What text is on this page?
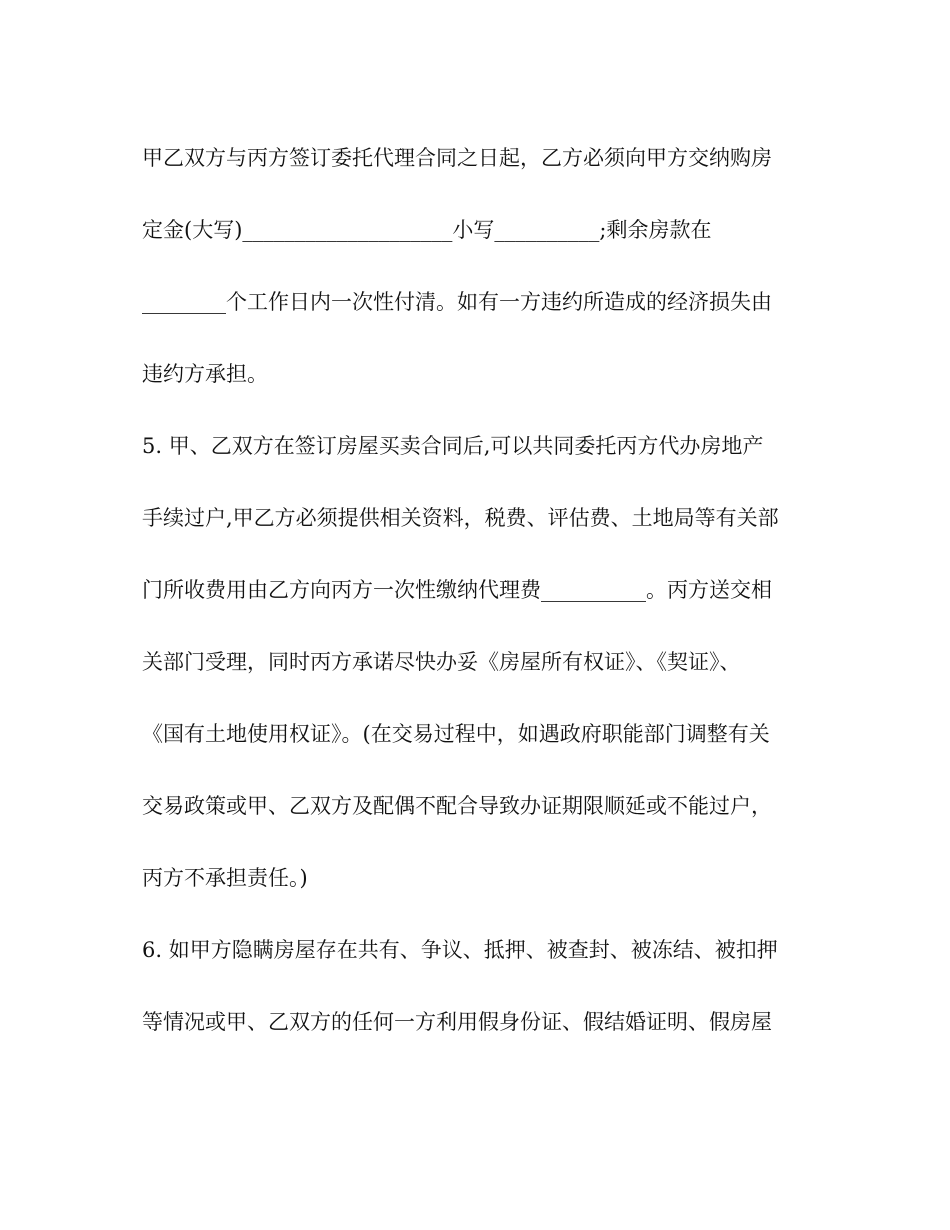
甲乙双方与丙方签订委托代理合同之日起，乙方必须向甲方交纳购房
定金(大写)____________________小写__________;剩余房款在
________个工作日内一次性付清。如有一方违约所造成的经济损失由
违约方承担。
5. 甲、乙双方在签订房屋买卖合同后,可以共同委托丙方代办房地产
手续过户,甲乙方必须提供相关资料，税费、评估费、土地局等有关部
门所收费用由乙方向丙方一次性缴纳代理费__________。丙方送交相
关部门受理，同时丙方承诺尽快办妥《房屋所有权证》、《契证》、
《国有土地使用权证》。(在交易过程中，如遇政府职能部门调整有关
交易政策或甲、乙双方及配偶不配合导致办证期限顺延或不能过户，
丙方不承担责任。)
6. 如甲方隐瞒房屋存在共有、争议、抵押、被查封、被冻结、被扣押
等情况或甲、乙双方的任何一方利用假身份证、假结婚证明、假房屋
